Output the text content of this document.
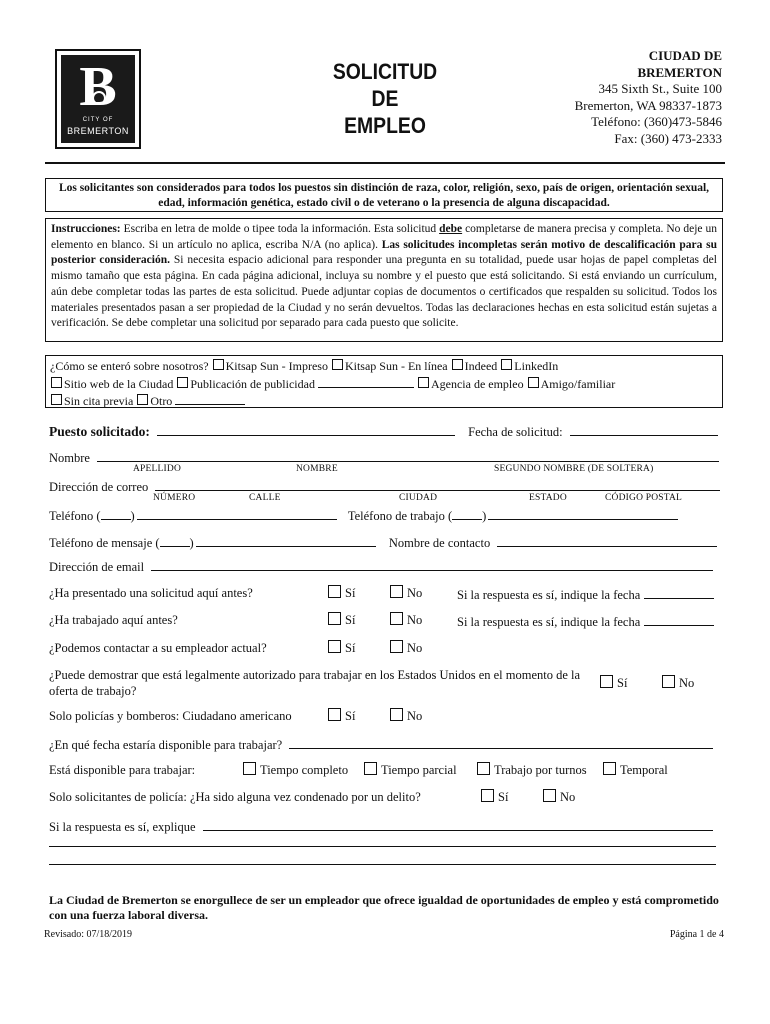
B
CITY OF
BREMERTON
SOLICITUD
DE
EMPLEO
CIUDAD DE
BREMERTON
345 Sixth St., Suite 100
Bremerton, WA 98337-1873
Teléfono: (360)473-5846
Fax: (360) 473-2333

Los solicitantes son considerados para todos los puestos sin distinción de raza, color, religión, sexo, país de origen, orientación sexual, edad, información genética, estado civil o de veterano o la presencia de alguna discapacidad.

Instrucciones: Escriba en letra de molde o tipee toda la información. Esta solicitud debe completarse de manera precisa y completa. No deje un elemento en blanco. Si un artículo no aplica, escriba N/A (no aplica). Las solicitudes incompletas serán motivo de descalificación para su posterior consideración. Si necesita espacio adicional para responder una pregunta en su totalidad, puede usar hojas de papel completas del mismo tamaño que esta página. En cada página adicional, incluya su nombre y el puesto que está solicitando. Si está enviando un currículum, aún debe completar todas las partes de esta solicitud. Puede adjuntar copias de documentos o certificados que respalden su solicitud. Todos los materiales presentados pasan a ser propiedad de la Ciudad y no serán devueltos. Todas las declaraciones hechas en esta solicitud están sujetas a verificación. Se debe completar una solicitud por separado para cada puesto que solicite.

¿Cómo se enteró sobre nosotros? Kitsap Sun - Impreso Kitsap Sun - En línea Indeed LinkedIn
Sitio web de la Ciudad Publicación de publicidad	Agencia de empleo Amigo/familiar
Sin cita previa Otro
Puesto solicitado:	Fecha de solicitud:
Nombre
APELLIDO	NOMBRE	SEGUNDO NOMBRE (DE SOLTERA)
Dirección de correo
NÚMERO	CALLE	CIUDAD	ESTADO	CÓDIGO POSTAL
Teléfono ( )	Teléfono de trabajo ( )
Teléfono de mensaje ( )	Nombre de contacto
Dirección de email
¿Ha presentado una solicitud aquí antes?	Sí	No	Si la respuesta es sí, indique la fecha
¿Ha trabajado aquí antes?	Sí	No	Si la respuesta es sí, indique la fecha
¿Podemos contactar a su empleador actual?	Sí	No
¿Puede demostrar que está legalmente autorizado para trabajar en los Estados Unidos en el momento de la oferta de trabajo?
Sí	No
Solo policías y bomberos: Ciudadano americano	Sí	No
¿En qué fecha estaría disponible para trabajar?
Está disponible para trabajar:	Tiempo completo	Tiempo parcial	Trabajo por turnos	Temporal
Solo solicitantes de policía: ¿Ha sido alguna vez condenado por un delito?	Sí	No
Si la respuesta es sí, explique
La Ciudad de Bremerton se enorgullece de ser un empleador que ofrece igualdad de oportunidades de empleo y está comprometido con una fuerza laboral diversa.
Revisado: 07/18/2019	Página 1 de 4
